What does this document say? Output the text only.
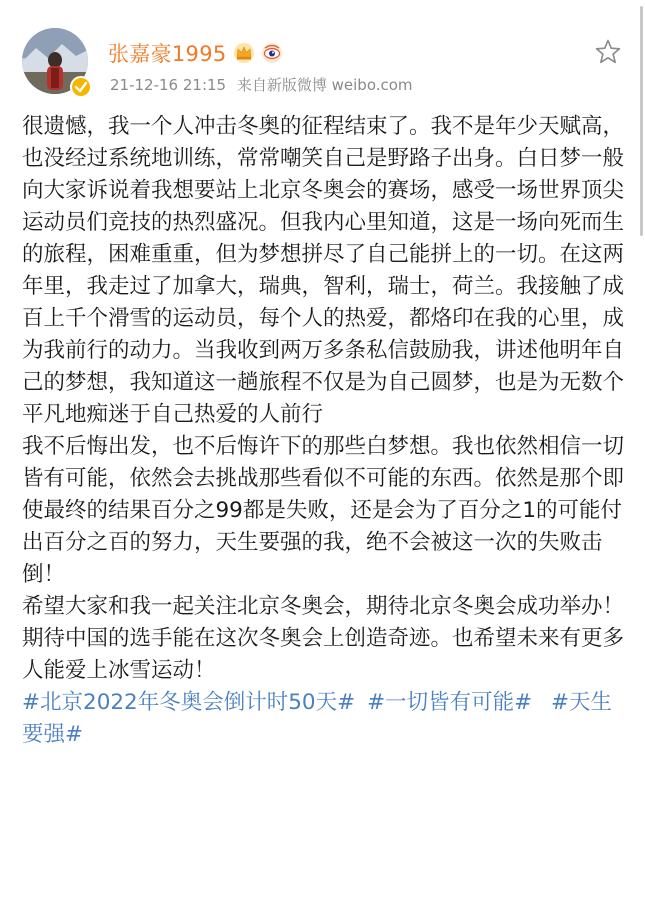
张嘉豪1995
21-12-16 21:15 来自新版微博 weibo.com

很遗憾，我一个人冲击冬奥的征程结束了。我不是年少天赋高，也没经过系统地训练，常常嘲笑自己是野路子出身。白日梦一般向大家诉说着我想要站上北京冬奥会的赛场，感受一场世界顶尖运动员们竞技的热烈盛况。但我内心里知道，这是一场向死而生的旅程，困难重重，但为梦想拼尽了自己能拼上的一切。在这两年里，我走过了加拿大，瑞典，智利，瑞士，荷兰。我接触了成百上千个滑雪的运动员，每个人的热爱，都烙印在我的心里，成为我前行的动力。当我收到两万多条私信鼓励我，讲述他明年自己的梦想，我知道这一趟旅程不仅是为自己圆梦，也是为无数个平凡地痴迷于自己热爱的人前行

我不后悔出发，也不后悔许下的那些白梦想。我也依然相信一切皆有可能，依然会去挑战那些看似不可能的东西。依然是那个即使最终的结果百分之99都是失败，还是会为了百分之1的可能付出百分之百的努力，天生要强的我，绝不会被这一次的失败击倒！

希望大家和我一起关注北京冬奥会，期待北京冬奥会成功举办！期待中国的选手能在这次冬奥会上创造奇迹。也希望未来有更多人能爱上冰雪运动！

#北京2022年冬奥会倒计时50天# #一切皆有可能# #天生要强#
